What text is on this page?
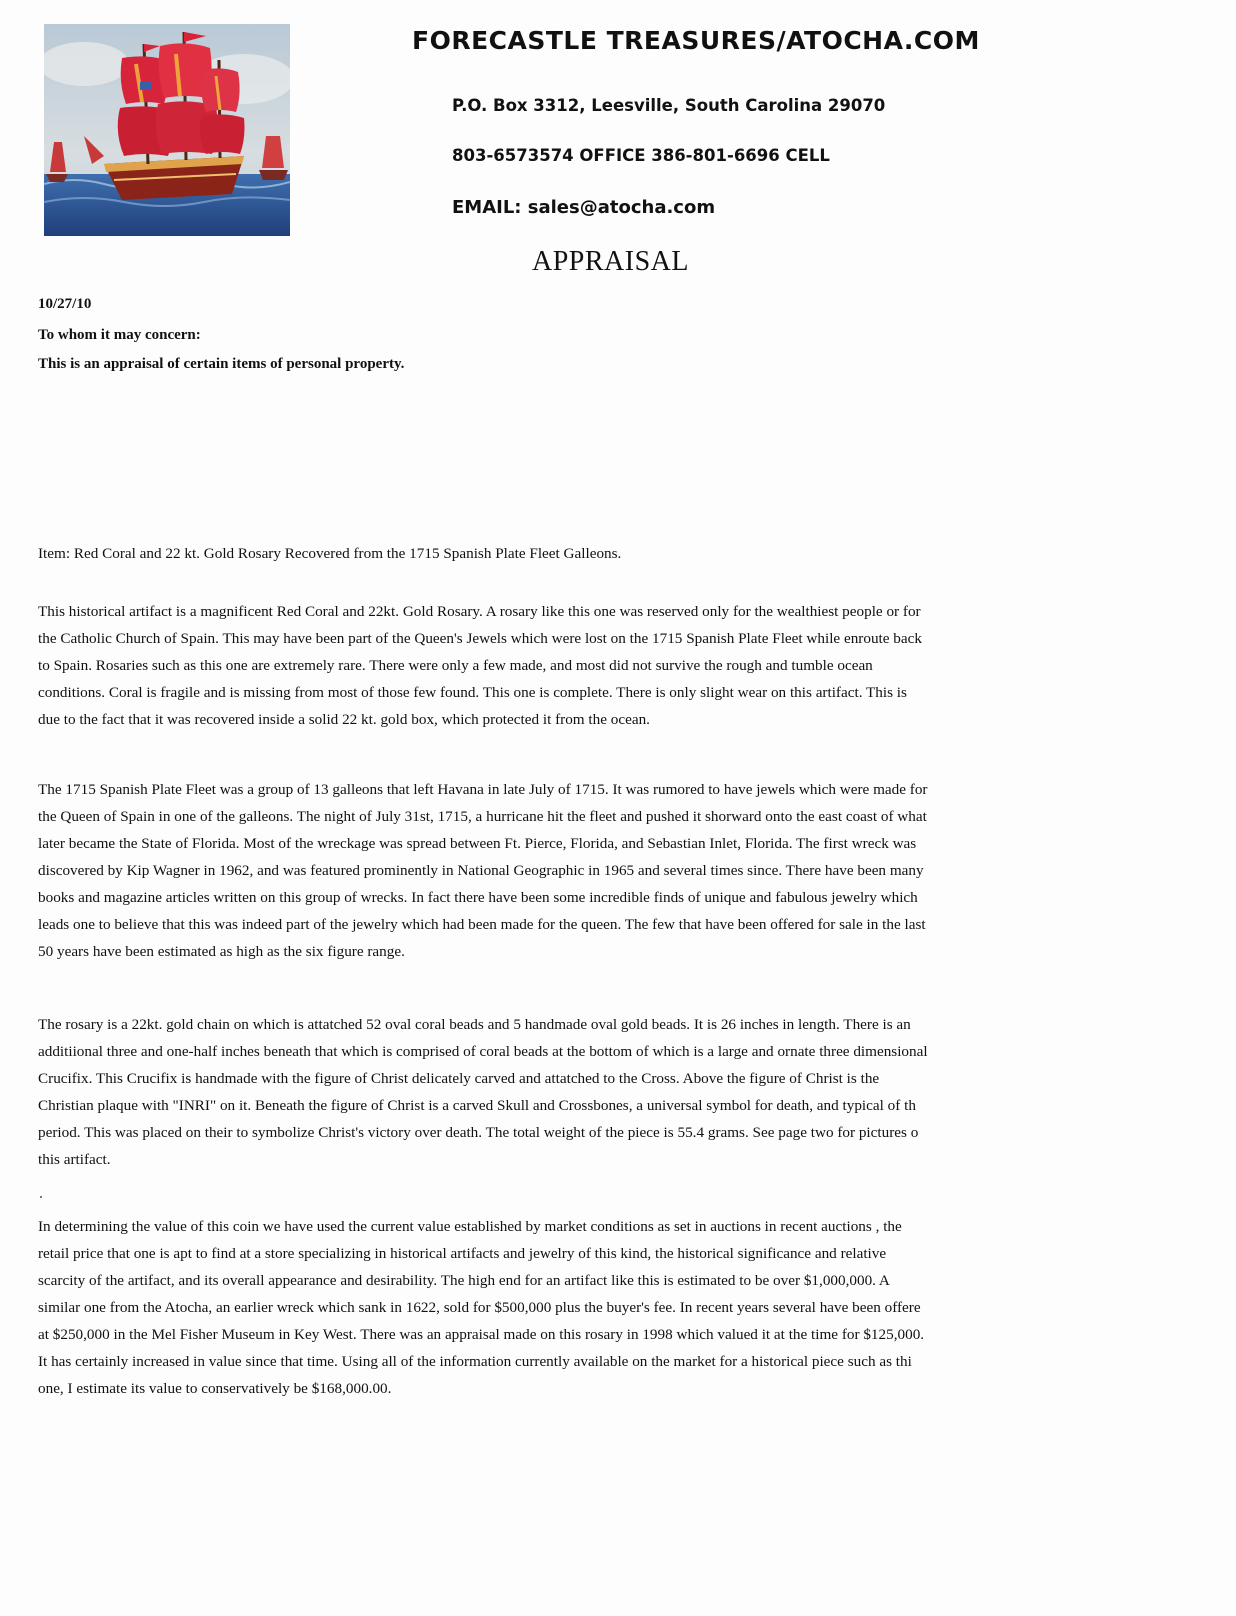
FORECASTLE TREASURES/ATOCHA.COM
P.O. Box 3312, Leesville, South Carolina 29070
803-6573574 OFFICE 386-801-6696 CELL
EMAIL: sales@atocha.com
APPRAISAL
10/27/10
To whom it may concern:
This is an appraisal of certain items of personal property.
Item: Red Coral and 22 kt. Gold Rosary Recovered from the 1715 Spanish Plate Fleet Galleons.
This historical artifact is a magnificent Red Coral and 22kt. Gold Rosary. A rosary like this one was reserved only for the wealthiest people or for
the Catholic Church of Spain. This may have been part of the Queen's Jewels which were lost on the 1715 Spanish Plate Fleet while enroute back
to Spain. Rosaries such as this one are extremely rare. There were only a few made, and most did not survive the rough and tumble ocean
conditions. Coral is fragile and is missing from most of those few found. This one is complete. There is only slight wear on this artifact. This is
due to the fact that it was recovered inside a solid 22 kt. gold box, which protected it from the ocean.
The 1715 Spanish Plate Fleet was a group of 13 galleons that left Havana in late July of 1715. It was rumored to have jewels which were made for
the Queen of Spain in one of the galleons. The night of July 31st, 1715, a hurricane hit the fleet and pushed it shorward onto the east coast of what
later became the State of Florida. Most of the wreckage was spread between Ft. Pierce, Florida, and Sebastian Inlet, Florida. The first wreck was
discovered by Kip Wagner in 1962, and was featured prominently in National Geographic in 1965 and several times since. There have been many
books and magazine articles written on this group of wrecks. In fact there have been some incredible finds of unique and fabulous jewelry which
leads one to believe that this was indeed part of the jewelry which had been made for the queen. The few that have been offered for sale in the last
50 years have been estimated as high as the six figure range.
The rosary is a 22kt. gold chain on which is attatched 52 oval coral beads and 5 handmade oval gold beads. It is 26 inches in length. There is an
additiional three and one-half inches beneath that which is comprised of coral beads at the bottom of which is a large and ornate three dimensional
Crucifix. This Crucifix is handmade with the figure of Christ delicately carved and attatched to the Cross. Above the figure of Christ is the
Christian plaque with "INRI" on it. Beneath the figure of Christ is a carved Skull and Crossbones, a universal symbol for death, and typical of th
period. This was placed on their to symbolize Christ's victory over death. The total weight of the piece is 55.4 grams. See page two for pictures o
this artifact.
In determining the value of this coin we have used the current value established by market conditions as set in auctions in recent auctions , the
retail price that one is apt to find at a store specializing in historical artifacts and jewelry of this kind, the historical significance and relative
scarcity of the artifact, and its overall appearance and desirability. The high end for an artifact like this is estimated to be over $1,000,000. A
similar one from the Atocha, an earlier wreck which sank in 1622, sold for $500,000 plus the buyer's fee. In recent years several have been offere
at $250,000 in the Mel Fisher Museum in Key West. There was an appraisal made on this rosary in 1998 which valued it at the time for $125,000.
It has certainly increased in value since that time. Using all of the information currently available on the market for a historical piece such as thi
one, I estimate its value to conservatively be $168,000.00.
